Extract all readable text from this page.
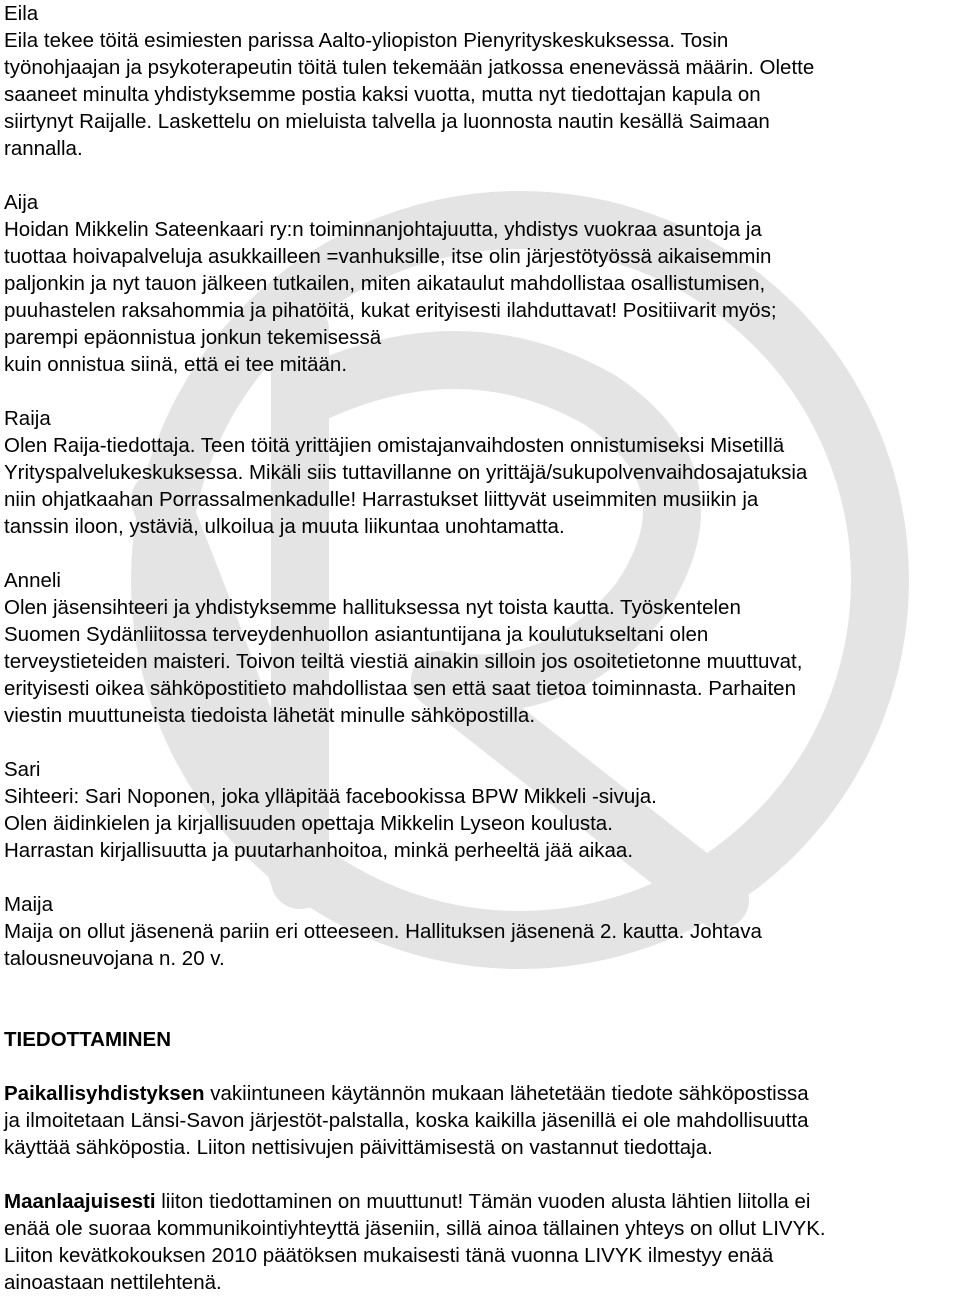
Eila
Eila tekee töitä esimiesten parissa Aalto-yliopiston Pienyrityskeskuksessa. Tosin
työnohjaajan ja psykoterapeutin töitä tulen tekemään jatkossa enenevässä määrin. Olette
saaneet minulta yhdistyksemme postia kaksi vuotta, mutta nyt tiedottajan kapula on
siirtynyt Raijalle. Laskettelu on mieluista talvella ja luonnosta nautin kesällä Saimaan
rannalla.
Aija
Hoidan Mikkelin Sateenkaari ry:n toiminnanjohtajuutta, yhdistys vuokraa asuntoja ja
tuottaa hoivapalveluja asukkailleen =vanhuksille, itse olin järjestötyössä aikaisemmin
paljonkin ja nyt tauon jälkeen tutkailen, miten aikataulut mahdollistaa osallistumisen,
puuhastelen raksahommia ja pihatöitä, kukat erityisesti ilahduttavat! Positiivarit myös;
parempi epäonnistua jonkun tekemisessä
kuin onnistua siinä, että ei tee mitään.
Raija
Olen Raija-tiedottaja. Teen töitä yrittäjien omistajanvaihdosten onnistumiseksi Misetillä
Yrityspalvelukeskuksessa. Mikäli siis tuttavillanne on yrittäjä/sukupolvenvaihdosajatuksia
niin ohjatkaahan Porrassalmenkadulle! Harrastukset liittyvät useimmiten musiikin ja
tanssin iloon, ystäviä, ulkoilua ja muuta liikuntaa unohtamatta.
Anneli
Olen jäsensihteeri ja yhdistyksemme hallituksessa nyt toista kautta. Työskentelen
Suomen Sydänliitossa terveydenhuollon asiantuntijana ja koulutukseltani olen
terveystieteiden maisteri. Toivon teiltä viestiä ainakin silloin jos osoitetietonne muuttuvat,
erityisesti oikea sähköpostitieto mahdollistaa sen että saat tietoa toiminnasta. Parhaiten
viestin muuttuneista tiedoista lähetät minulle sähköpostilla.
Sari
Sihteeri: Sari Noponen, joka ylläpitää facebookissa BPW Mikkeli -sivuja.
Olen äidinkielen ja kirjallisuuden opettaja Mikkelin Lyseon koulusta.
Harrastan kirjallisuutta ja puutarhanhoitoa, minkä perheeltä jää aikaa.
Maija
Maija on ollut jäsenenä pariin eri otteeseen. Hallituksen jäsenenä 2. kautta. Johtava
talousneuvojana n. 20 v.
TIEDOTTAMINEN
Paikallisyhdistyksen vakiintuneen käytännön mukaan lähetetään tiedote sähköpostissa
ja ilmoitetaan Länsi-Savon järjestöt-palstalla, koska kaikilla jäsenillä ei ole mahdollisuutta
käyttää sähköpostia. Liiton nettisivujen päivittämisestä on vastannut tiedottaja.
Maanlaajuisesti liiton tiedottaminen on muuttunut! Tämän vuoden alusta lähtien liitolla ei
enää ole suoraa kommunikointiyhteyttä jäseniin, sillä ainoa tällainen yhteys on ollut LIVYK.
Liiton kevätkokouksen 2010 päätöksen mukaisesti tänä vuonna LIVYK ilmestyy enää
ainoastaan nettilehtenä.
